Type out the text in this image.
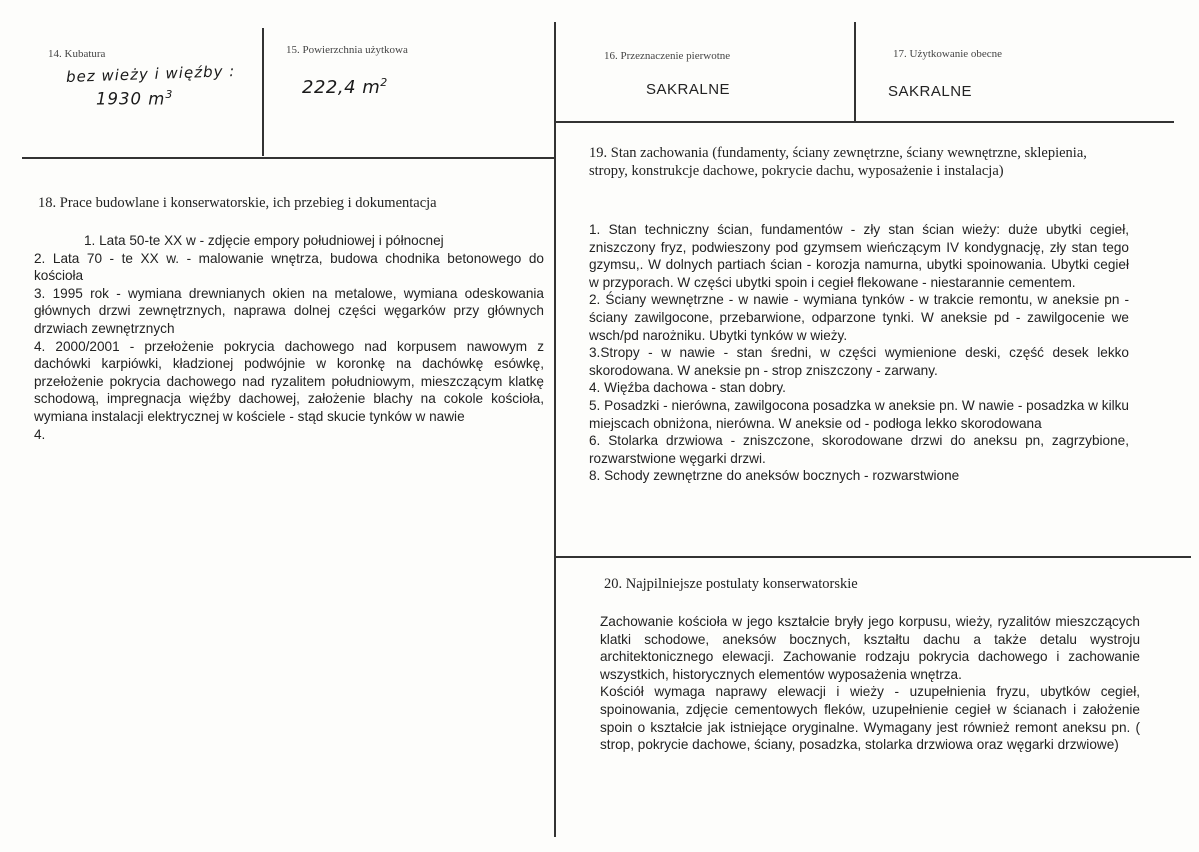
14. Kubatura
bez wieży i więźby :
1930 $m^3$
15. Powierzchnia użytkowa
222,4 $m^2$
16. Przeznaczenie pierwotne
SAKRALNE
17. Użytkowanie obecne
SAKRALNE
18. Prace budowlane i konserwatorskie, ich przebieg i dokumentacja
1. Lata 50-te XX w - zdjęcie empory południowej i północnej
2. Lata 70 - te XX w. - malowanie wnętrza, budowa chodnika betonowego do kościoła
3. 1995 rok - wymiana drewnianych okien na metalowe, wymiana odeskowania głównych drzwi zewnętrznych, naprawa dolnej części węgarków przy głównych drzwiach zewnętrznych
4. 2000/2001 - przełożenie pokrycia dachowego nad korpusem nawowym z dachówki karpiówki, kładzionej podwójnie w koronkę na dachówkę esówkę, przełożenie pokrycia dachowego nad ryzalitem południowym, mieszczącym klatkę schodową, impregnacja więźby dachowej, założenie blachy na cokole kościoła, wymiana instalacji elektrycznej w kościele - stąd skucie tynków w nawie
4.
19. Stan zachowania (fundamenty, ściany zewnętrzne, ściany wewnętrzne, sklepienia, stropy, konstrukcje dachowe, pokrycie dachu, wyposażenie i instalacja)
1. Stan techniczny ścian, fundamentów - zły stan ścian wieży: duże ubytki cegieł, zniszczony fryz, podwieszony pod gzymsem wieńczącym IV kondygnację, zły stan tego gzymsu,. W dolnych partiach ścian - korozja namurna, ubytki spoinowania. Ubytki cegieł w przyporach. W części ubytki spoin i cegieł flekowane - niestarannie cementem.
2. Ściany wewnętrzne - w nawie - wymiana tynków - w trakcie remontu, w aneksie pn - ściany zawilgocone, przebarwione, odparzone tynki. W aneksie pd - zawilgocenie we wsch/pd narożniku. Ubytki tynków w wieży.
3.Stropy - w nawie - stan średni, w części wymienione deski, część desek lekko skorodowana. W aneksie pn - strop zniszczony - zarwany.
4. Więźba dachowa - stan dobry.
5. Posadzki - nierówna, zawilgocona posadzka w aneksie pn. W nawie - posadzka w kilku miejscach obniżona, nierówna. W aneksie od - podłoga lekko skorodowana
6. Stolarka drzwiowa - zniszczone, skorodowane drzwi do aneksu pn, zagrzybione, rozwarstwione węgarki drzwi.
8. Schody zewnętrzne do aneksów bocznych - rozwarstwione
20. Najpilniejsze postulaty konserwatorskie

Zachowanie kościoła w jego kształcie bryły jego korpusu, wieży, ryzalitów mieszczących klatki schodowe, aneksów bocznych, kształtu dachu a także detalu wystroju architektonicznego elewacji. Zachowanie rodzaju pokrycia dachowego i zachowanie wszystkich, historycznych elementów wyposażenia wnętrza.

Kościół wymaga naprawy elewacji i wieży - uzupełnienia fryzu, ubytków cegieł, spoinowania, zdjęcie cementowych fleków, uzupełnienie cegieł w ścianach i założenie spoin o kształcie jak istniejące oryginalne. Wymagany jest również remont aneksu pn. ( strop, pokrycie dachowe, ściany, posadzka, stolarka drzwiowa oraz węgarki drzwiowe)
